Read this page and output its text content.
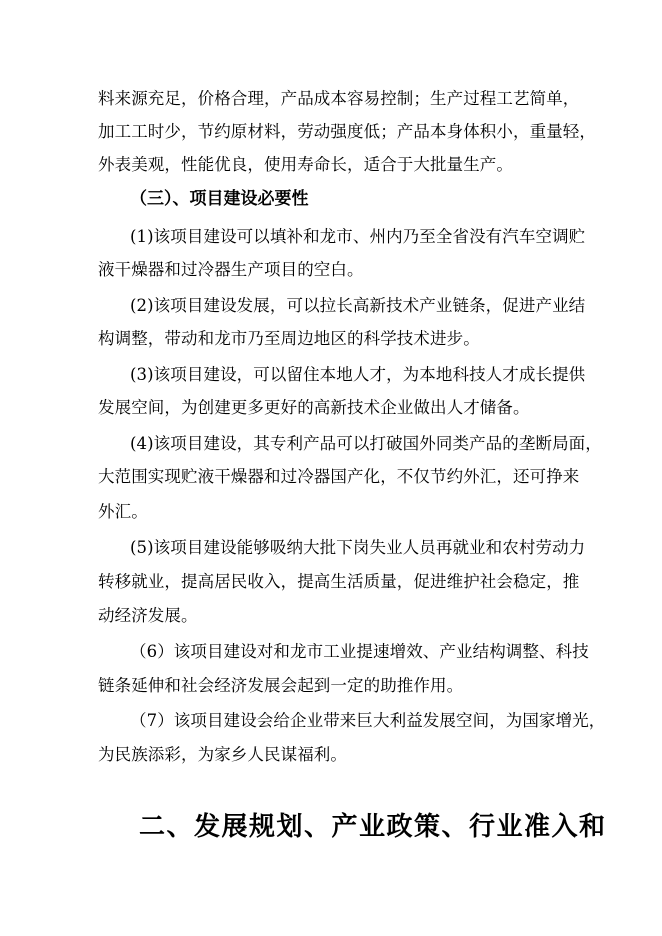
料来源充足，价格合理，产品成本容易控制；生产过程工艺简单，
加工工时少，节约原材料，劳动强度低；产品本身体积小，重量轻，
外表美观，性能优良，使用寿命长，适合于大批量生产。
（三）、项目建设必要性
(1)该项目建设可以填补和龙市、州内乃至全省没有汽车空调贮
液干燥器和过冷器生产项目的空白。
(2)该项目建设发展，可以拉长高新技术产业链条，促进产业结
构调整，带动和龙市乃至周边地区的科学技术进步。
(3)该项目建设，可以留住本地人才，为本地科技人才成长提供
发展空间，为创建更多更好的高新技术企业做出人才储备。
(4)该项目建设，其专利产品可以打破国外同类产品的垄断局面，
大范围实现贮液干燥器和过冷器国产化，不仅节约外汇，还可挣来
外汇。
(5)该项目建设能够吸纳大批下岗失业人员再就业和农村劳动力
转移就业，提高居民收入，提高生活质量，促进维护社会稳定，推
动经济发展。
（6）该项目建设对和龙市工业提速增效、产业结构调整、科技
链条延伸和社会经济发展会起到一定的助推作用。
（7）该项目建设会给企业带来巨大利益发展空间，为国家增光，
为民族添彩，为家乡人民谋福利。
二、发展规划、产业政策、行业准入和
